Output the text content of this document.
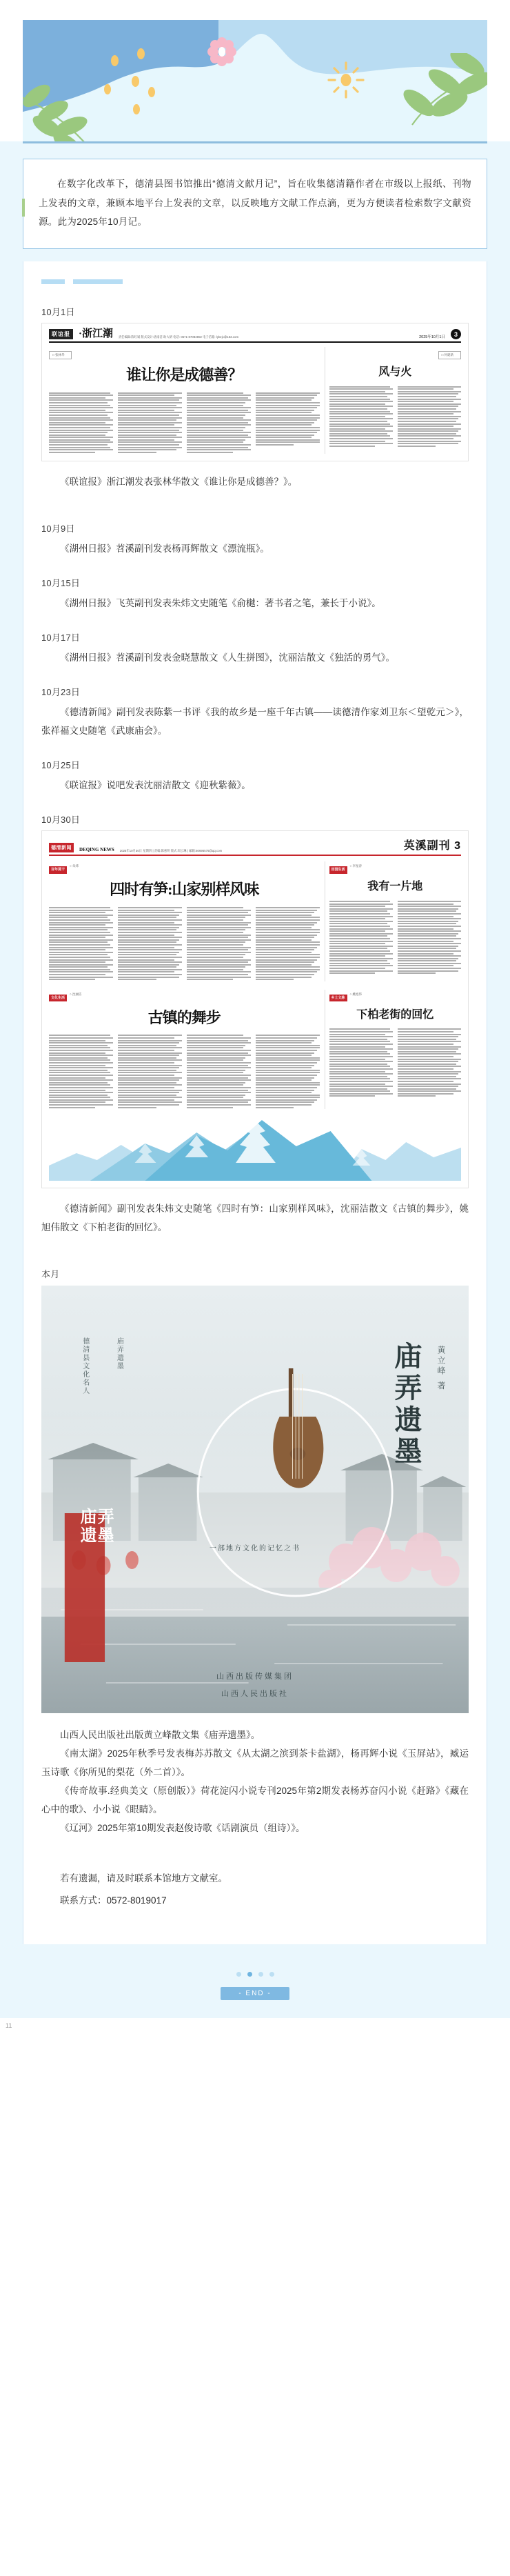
在数字化改革下，德清县图书馆推出“德清文献月记”，旨在收集德清籍作者在市级以上报纸、刊物上发表的文章，兼顾本地平台上发表的文章，以反映地方文献工作点滴，更为方便读者检索数字文献资源。此为2025年10月记。

10月1日
联谊报 ·浙江潮 责任编辑:陈红斌 版式设计:唐南洁 助大朗 电话: 0571-87084902 电子信箱: lybzjc@163.com	2025年10月1日	3
□ 张林华
谁让你是成德善？
□ 何建新
风与火

《联谊报》浙江潮发表张林华散文《谁让你是成德善？》。

10月9日

《湖州日报》苕溪副刊发表杨再辉散文《漂流瓶》。

10月15日

《湖州日报》飞英副刊发表朱炜文史随笔《俞樾：著书者之笔，兼长于小说》。

10月17日

《湖州日报》苕溪副刊发表金晓慧散文《人生拼图》，沈丽洁散文《独活的勇气》。

10月23日

《德清新闻》副刊发表陈紫一书评《我的故乡是一座千年古镇——读德清作家刘卫东＜望乾元＞》，张祥福文史随笔《武康庙会》。

10月25日

《联谊报》说吧发表沈丽洁散文《迎秋紫薇》。

10月30日
德清新闻	DEQING NEWS 2025年10月30日 星期四 | 责编:陈惠明 版式:周云琳 | 邮箱:50695575@qq.com	英溪副刊 3
百年莫干○ 朱炜
四时有笋:山家别样风味
田园生活○ 李星涛
我有一片地
文化生活○ 沈丽洁
古镇的舞步
乡土文脉○ 姚旭伟
下柏老街的回忆

《德清新闻》副刊发表朱炜文史随笔《四时有笋：山家别样风味》，沈丽洁散文《古镇的舞步》，姚旭伟散文《下柏老街的回忆》。

本月
庙弄遗墨
庙弄遗墨	黄立峰 著
德清县文化名人	庙弄遗墨
一部地方文化的记忆之书
山西出版传媒集团
山西人民出版社

山西人民出版社出版黄立峰散文集《庙弄遗墨》。

《南太湖》2025年秋季号发表梅苏苏散文《从太湖之滨到茶卡盐湖》，杨再辉小说《玉屏站》，臧运玉诗歌《你所见的梨花（外二首）》。

《传奇故事.经典美文（原创版）》荷花淀闪小说专刊2025年第2期发表杨苏奋闪小说《赶路》《藏在心中的歌》、小小说《眼睛》。

《辽河》2025年第10期发表赵俊诗歌《话剧演员（组诗）》。

若有遗漏，请及时联系本馆地方文献室。

联系方式：0572-8019017

- END -
11
